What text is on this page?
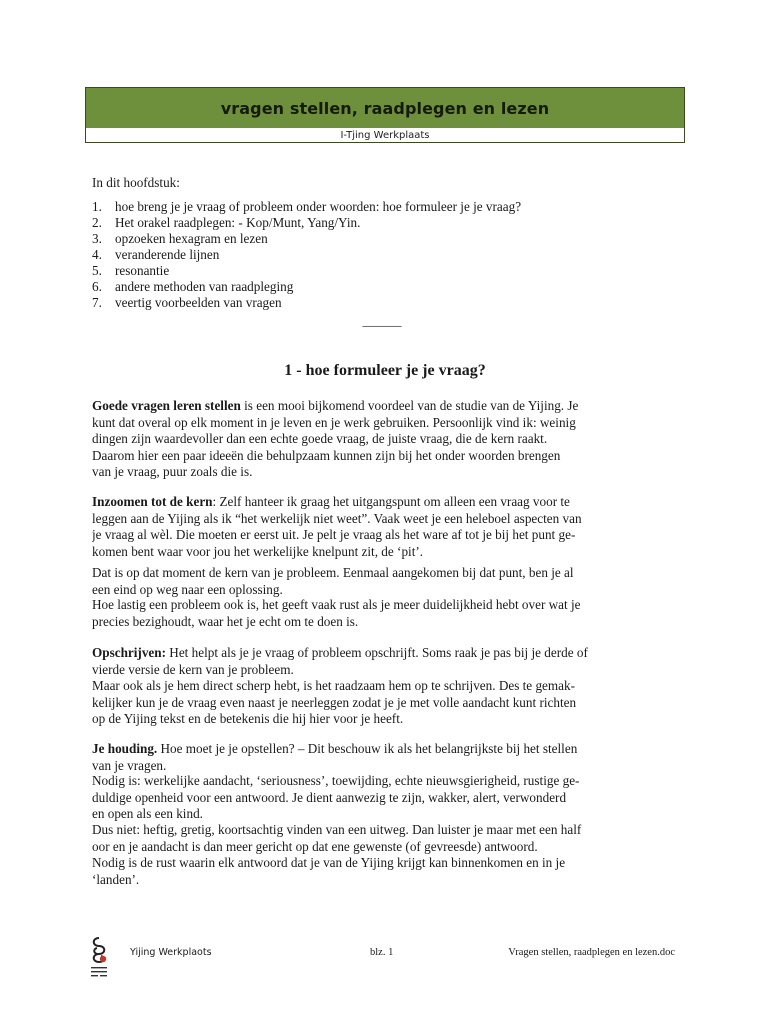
vragen stellen, raadplegen en lezen
I-Tjing Werkplaats
In dit hoofdstuk:
1. hoe breng je je vraag of probleem onder woorden: hoe formuleer je je vraag?
2. Het orakel raadplegen: - Kop/Munt, Yang/Yin.
3. opzoeken hexagram en lezen
4. veranderende lijnen
5. resonantie
6. andere methoden van raadpleging
7. veertig voorbeelden van vragen
______
1 - hoe formuleer je je vraag?
Goede vragen leren stellen is een mooi bijkomend voordeel van de studie van de Yijing. Je
kunt dat overal op elk moment in je leven en je werk gebruiken. Persoonlijk vind ik: weinig
dingen zijn waardevoller dan een echte goede vraag, de juiste vraag, die de kern raakt.
Daarom hier een paar ideeën die behulpzaam kunnen zijn bij het onder woorden brengen
van je vraag, puur zoals die is.
Inzoomen tot de kern: Zelf hanteer ik graag het uitgangspunt om alleen een vraag voor te
leggen aan de Yijing als ik “het werkelijk niet weet”. Vaak weet je een heleboel aspecten van
je vraag al wèl. Die moeten er eerst uit. Je pelt je vraag als het ware af tot je bij het punt ge-
komen bent waar voor jou het werkelijke knelpunt zit, de ‘pit’.
Dat is op dat moment de kern van je probleem. Eenmaal aangekomen bij dat punt, ben je al
een eind op weg naar een oplossing.
Hoe lastig een probleem ook is, het geeft vaak rust als je meer duidelijkheid hebt over wat je
precies bezighoudt, waar het je echt om te doen is.
Opschrijven: Het helpt als je je vraag of probleem opschrijft. Soms raak je pas bij je derde of
vierde versie de kern van je probleem.
Maar ook als je hem direct scherp hebt, is het raadzaam hem op te schrijven. Des te gemak-
kelijker kun je de vraag even naast je neerleggen zodat je je met volle aandacht kunt richten
op de Yijing tekst en de betekenis die hij hier voor je heeft.
Je houding. Hoe moet je je opstellen? – Dit beschouw ik als het belangrijkste bij het stellen
van je vragen.
Nodig is: werkelijke aandacht, ‘seriousness’, toewijding, echte nieuwsgierigheid, rustige ge-
duldige openheid voor een antwoord. Je dient aanwezig te zijn, wakker, alert, verwonderd
en open als een kind.
Dus niet: heftig, gretig, koortsachtig vinden van een uitweg. Dan luister je maar met een half
oor en je aandacht is dan meer gericht op dat ene gewenste (of gevreesde) antwoord.
Nodig is de rust waarin elk antwoord dat je van de Yijing krijgt kan binnenkomen en in je
‘landen’.
Yijing Werkplaots	blz. 1	Vragen stellen, raadplegen en lezen.doc
